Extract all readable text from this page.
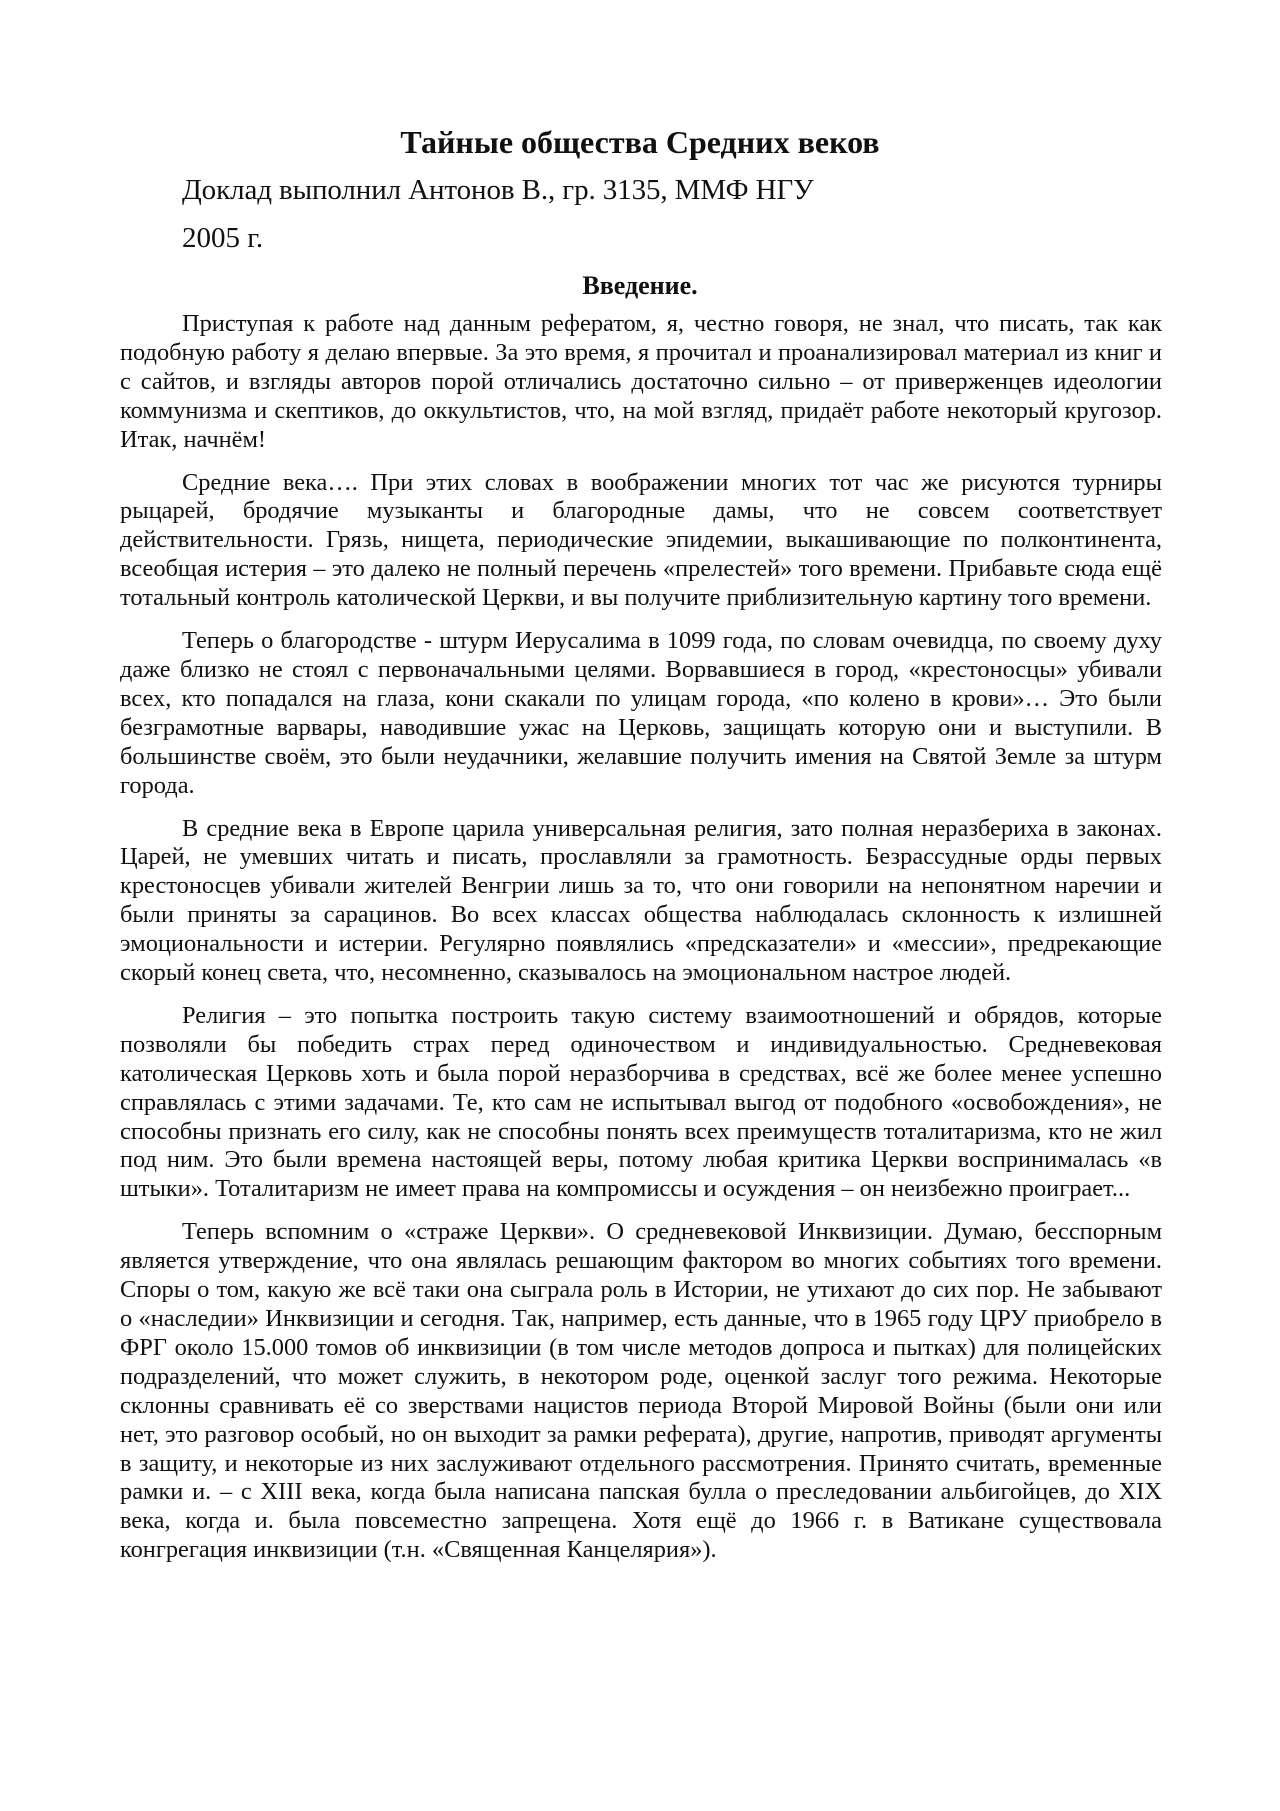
Тайные общества Средних веков
Доклад выполнил Антонов В., гр. 3135, ММФ НГУ
2005 г.
Введение.

Приступая к работе над данным рефератом, я, честно говоря, не знал, что писать, так как подобную работу я делаю впервые. За это время, я прочитал и проанализировал материал из книг и с сайтов, и взгляды авторов порой отличались достаточно сильно – от приверженцев идеологии коммунизма и скептиков, до оккультистов, что, на мой взгляд, придаёт работе некоторый кругозор. Итак, начнём!

Средние века…. При этих словах в воображении многих тот час же рисуются турниры рыцарей, бродячие музыканты и благородные дамы, что не совсем соответствует действительности. Грязь, нищета, периодические эпидемии, выкашивающие по полконтинента, всеобщая истерия – это далеко не полный перечень «прелестей» того времени. Прибавьте сюда ещё тотальный контроль католической Церкви, и вы получите приблизительную картину того времени.

Теперь о благородстве - штурм Иерусалима в 1099 года, по словам очевидца, по своему духу даже близко не стоял с первоначальными целями. Ворвавшиеся в город, «крестоносцы» убивали всех, кто попадался на глаза, кони скакали по улицам города, «по колено в крови»… Это были безграмотные варвары, наводившие ужас на Церковь, защищать которую они и выступили. В большинстве своём, это были неудачники, желавшие получить имения на Святой Земле за штурм города.

В средние века в Европе царила универсальная религия, зато полная неразбериха в законах. Царей, не умевших читать и писать, прославляли за грамотность. Безрассудные орды первых крестоносцев убивали жителей Венгрии лишь за то, что они говорили на непонятном наречии и были приняты за сарацинов. Во всех классах общества наблюдалась склонность к излишней эмоциональности и истерии. Регулярно появлялись «предсказатели» и «мессии», предрекающие скорый конец света, что, несомненно, сказывалось на эмоциональном настрое людей.

Религия – это попытка построить такую систему взаимоотношений и обрядов, которые позволяли бы победить страх перед одиночеством и индивидуальностью. Средневековая католическая Церковь хоть и была порой неразборчива в средствах, всё же более менее успешно справлялась с этими задачами. Те, кто сам не испытывал выгод от подобного «освобождения», не способны признать его силу, как не способны понять всех преимуществ тоталитаризма, кто не жил под ним. Это были времена настоящей веры, потому любая критика Церкви воспринималась «в штыки». Тоталитаризм не имеет права на компромиссы и осуждения – он неизбежно проиграет...

Теперь вспомним о «страже Церкви». О средневековой Инквизиции. Думаю, бесспорным является утверждение, что она являлась решающим фактором во многих событиях того времени. Споры о том, какую же всё таки она сыграла роль в Истории, не утихают до сих пор. Не забывают о «наследии» Инквизиции и сегодня. Так, например, есть данные, что в 1965 году ЦРУ приобрело в ФРГ около 15.000 томов об инквизиции (в том числе методов допроса и пытках) для полицейских подразделений, что может служить, в некотором роде, оценкой заслуг того режима. Некоторые склонны сравнивать её со зверствами нацистов периода Второй Мировой Войны (были они или нет, это разговор особый, но он выходит за рамки реферата), другие, напротив, приводят аргументы в защиту, и некоторые из них заслуживают отдельного рассмотрения. Принято считать, временные рамки и. – с XIII века, когда была написана папская булла о преследовании альбигойцев, до XIX века, когда и. была повсеместно запрещена. Хотя ещё до 1966 г. в Ватикане существовала конгрегация инквизиции (т.н. «Священная Канцелярия»).
